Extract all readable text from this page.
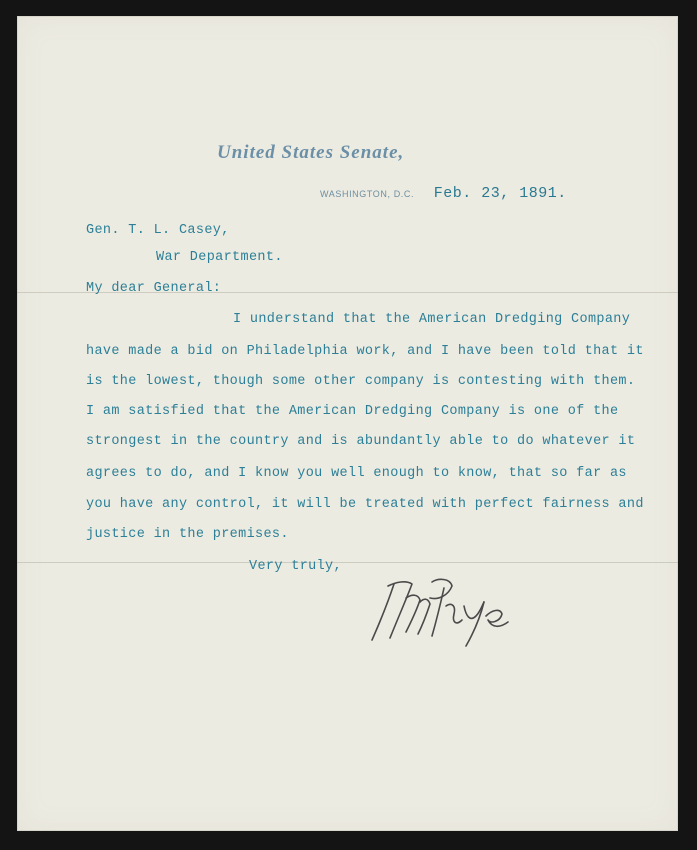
United States Senate,
WASHINGTON, D.C. Feb. 23, 1891.
Gen. T. L. Casey,
War Department.
My dear General:
I understand that the American Dredging Company
have made a bid on Philadelphia work, and I have been told that it
is the lowest, though some other company is contesting with them.
I am satisfied that the American Dredging Company is one of the
strongest in the country and is abundantly able to do whatever it
agrees to do, and I know you well enough to know, that so far as
you have any control, it will be treated with perfect fairness and
justice in the premises.
Very truly,
